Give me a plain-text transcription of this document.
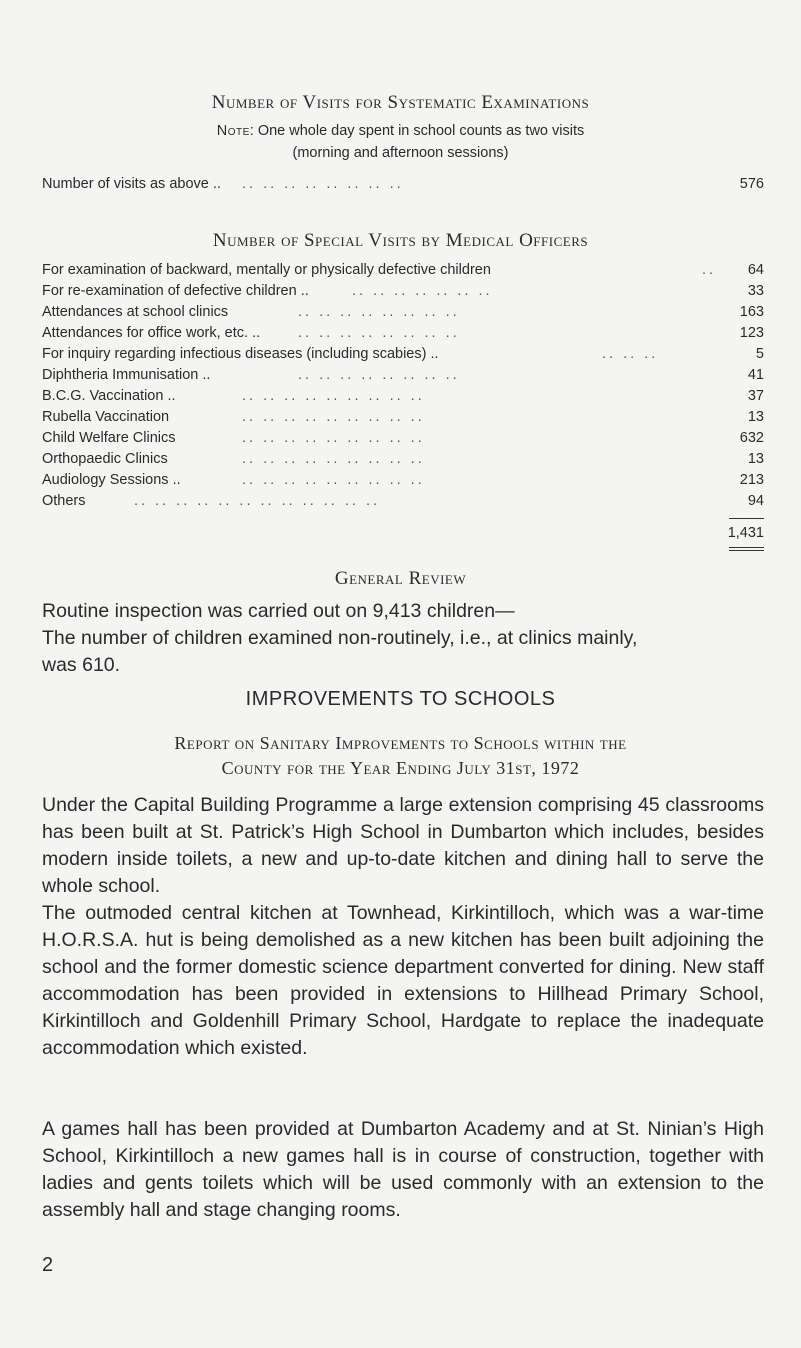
Number of Visits for Systematic Examinations
Note: One whole day spent in school counts as two visits
(morning and afternoon sessions)
Number of visits as above .. .. .. .. .. .. .. .. ..	576
Number of Special Visits by Medical Officers
For examination of backward, mentally or physically defective children	.. 64
For re-examination of defective children ..	.. .. .. .. .. .. ..	33
Attendances at school clinics	.. .. .. .. .. .. .. ..	163
Attendances for office work, etc. ..	.. .. .. .. .. .. .. ..	123
For inquiry regarding infectious diseases (including scabies) ..	.. .. ..	5
Diphtheria Immunisation ..	.. .. .. .. .. .. .. ..	41
B.C.G. Vaccination ..	.. .. .. .. .. .. .. .. ..	37
Rubella Vaccination	.. .. .. .. .. .. .. .. ..	13
Child Welfare Clinics	.. .. .. .. .. .. .. .. ..	632
Orthopaedic Clinics	.. .. .. .. .. .. .. .. ..	13
Audiology Sessions ..	.. .. .. .. .. .. .. .. ..	213
Others	.. .. .. .. .. .. .. .. .. .. .. ..	94
1,431
General Review
Routine inspection was carried out on 9,413 children—
The number of children examined non-routinely, i.e., at clinics mainly,
was 610.
IMPROVEMENTS TO SCHOOLS
Report on Sanitary Improvements to Schools within the
County for the Year Ending July 31st, 1972
Under the Capital Building Programme a large extension comprising 45 classrooms has been built at St. Patrick’s High School in Dumbarton which includes, besides modern inside toilets, a new and up-to-date kitchen and dining hall to serve the whole school.
The outmoded central kitchen at Townhead, Kirkintilloch, which was a war-time H.O.R.S.A. hut is being demolished as a new kitchen has been built adjoining the school and the former domestic science department converted for dining. New staff accommodation has been provided in extensions to Hillhead Primary School, Kirkintilloch and Goldenhill Primary School, Hardgate to replace the inadequate accommodation which existed.
A games hall has been provided at Dumbarton Academy and at St. Ninian’s High School, Kirkintilloch a new games hall is in course of construction, together with ladies and gents toilets which will be used commonly with an extension to the assembly hall and stage changing rooms.
2
